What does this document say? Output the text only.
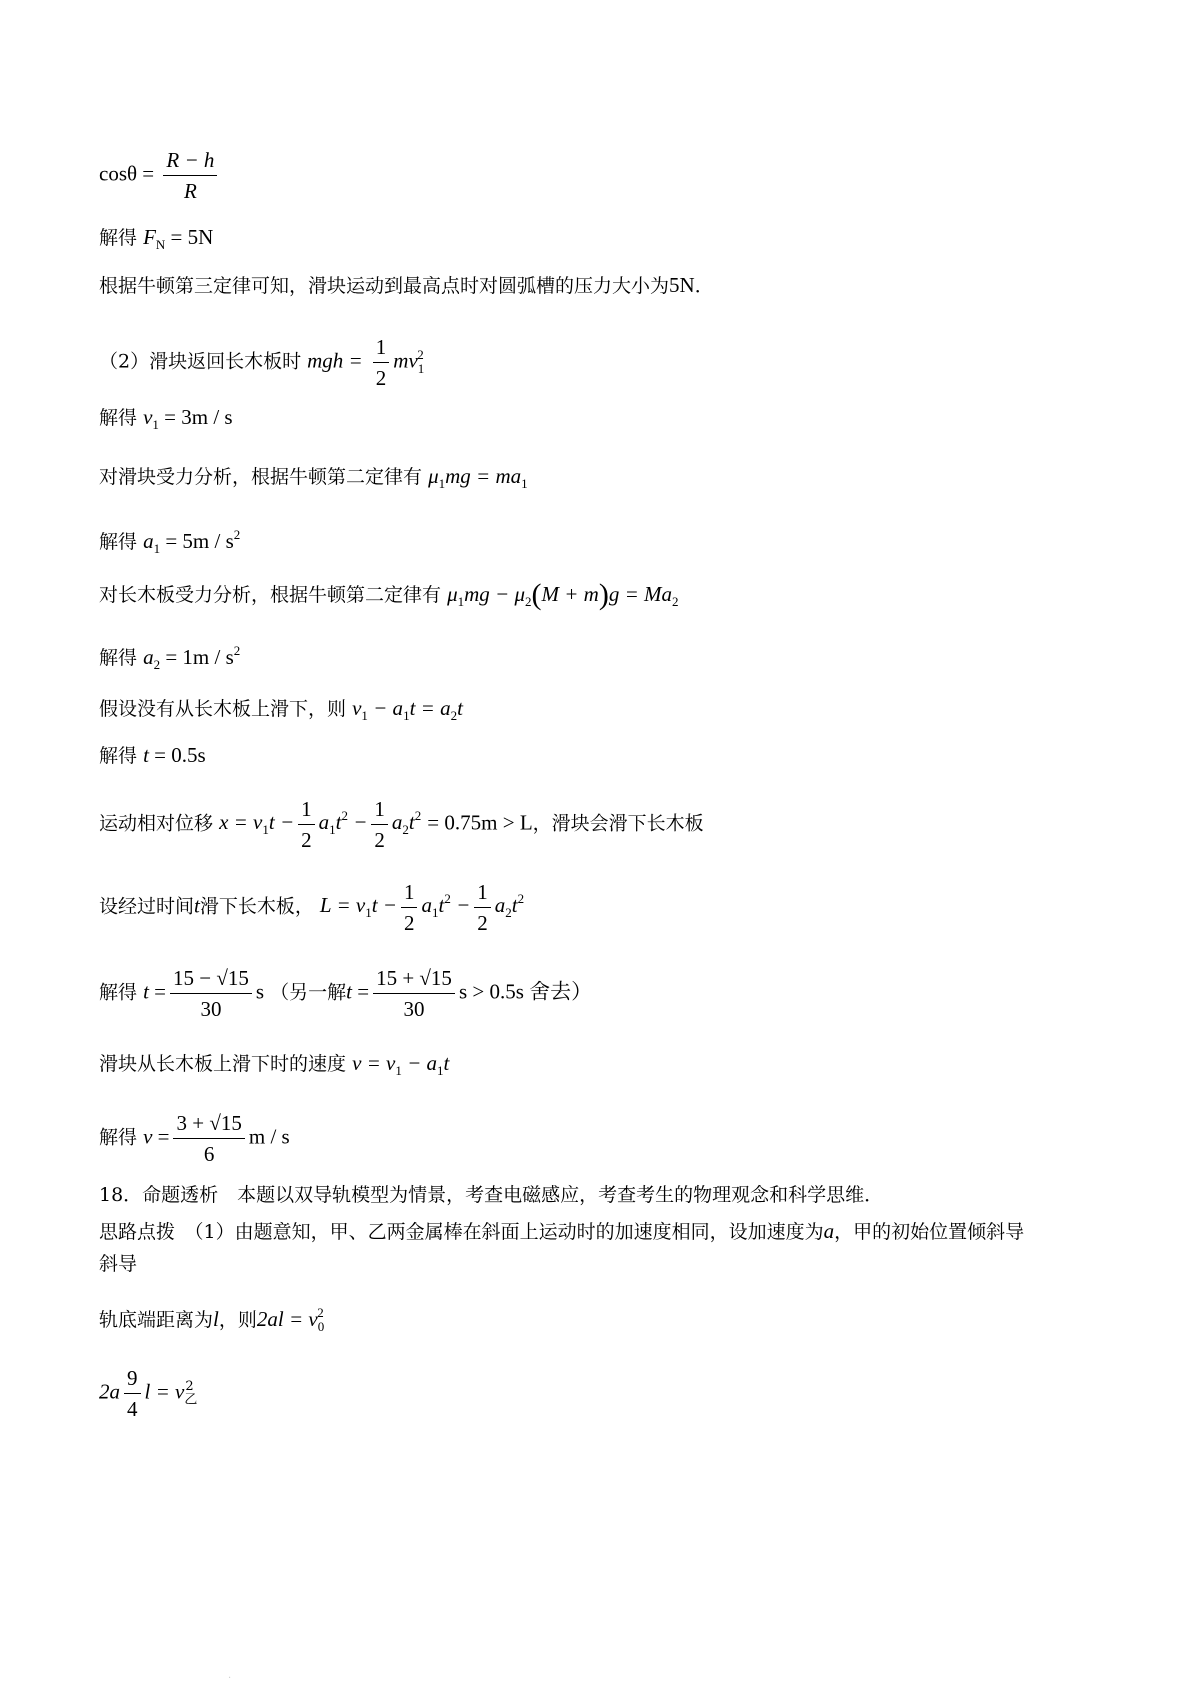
$\cos\theta = \frac{R - h}{R}$
解得 $F_N = 5N$
根据牛顿第三定律可知，滑块运动到最高点时对圆弧槽的压力大小为5N．
（2）滑块返回长木板时 mgh = $\frac{1}{2} mv_1^2$
解得 $v_1 = 3m / s$
对滑块受力分析，根据牛顿第二定律有 $\mu_1mg = ma_1$
解得 $a_1 = 5m / s^2$
对长木板受力分析，根据牛顿第二定律有 $\mu_1mg - \mu_2(M + m)g = Ma_2$
解得 $a_2 = 1m / s^2$
假设没有从长木板上滑下，则 $v_1 - a_1t = a_2t$
解得 t = 0.5s
运动相对位移 $x = v_1t - \frac{1}{2} a_1t^2 - \frac{1}{2} a_2t^2 = 0.75m > L$，滑块会滑下长木板
设经过时间t滑下长木板， $L = v_1t - \frac{1}{2} a_1t^2 - \frac{1}{2} a_2t^2$
解得 $t = \frac{15 - √15}{30}$ s （另一解$t = \frac{15 + √15}{30}$ s > 0.5s 舍去）
滑块从长木板上滑下时的速度 $v = v_1 - a_1t$
解得 $v = \frac{3 + √15}{6}$ m / s
18．命题透析　本题以双导轨模型为情景，考查电磁感应，考查考生的物理观念和科学思维．
思路点拨　（1）由题意知，甲、乙两金属棒在斜面上运动时的加速度相同，设加速度为a，甲的初始位置倾斜导
斜导
轨底端距离为l，则$2al = v_0^2$
$2a \frac{9}{4}$ $l = v_乙^2$
·
